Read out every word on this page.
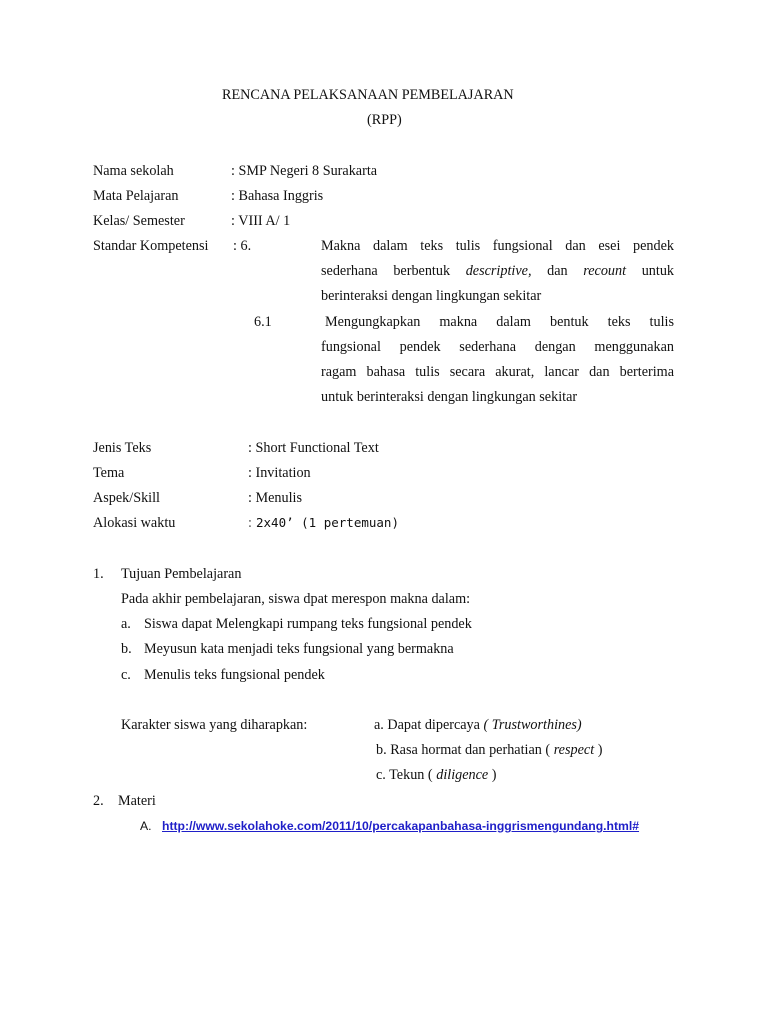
RENCANA PELAKSANAAN PEMBELAJARAN
(RPP)
Nama sekolah	: SMP Negeri 8 Surakarta
Mata Pelajaran	: Bahasa Inggris
Kelas/ Semester	: VIII A/ 1
Standar Kompetensi : 6.	Makna dalam teks tulis fungsional dan esei pendek
sederhana berbentuk descriptive, dan recount untuk
berinteraksi dengan lingkungan sekitar
6.1	Mengungkapkan makna dalam bentuk teks tulis
fungsional pendek sederhana dengan menggunakan
ragam bahasa tulis secara akurat, lancar dan berterima
untuk berinteraksi dengan lingkungan sekitar
Jenis Teks	: Short Functional Text
Tema	: Invitation
Aspek/Skill	: Menulis
Alokasi waktu	: 2x40’ (1 pertemuan)
1. Tujuan Pembelajaran
Pada akhir pembelajaran, siswa dpat merespon makna dalam:
a. Siswa dapat Melengkapi rumpang teks fungsional pendek
b. Meyusun kata menjadi teks fungsional yang bermakna
c. Menulis teks fungsional pendek
Karakter siswa yang diharapkan:	a. Dapat dipercaya ( Trustworthines)
b. Rasa hormat dan perhatian ( respect )
c. Tekun ( diligence )
2. Materi
A. http://www.sekolahoke.com/2011/10/percakapanbahasa-inggrismengundang.html#
